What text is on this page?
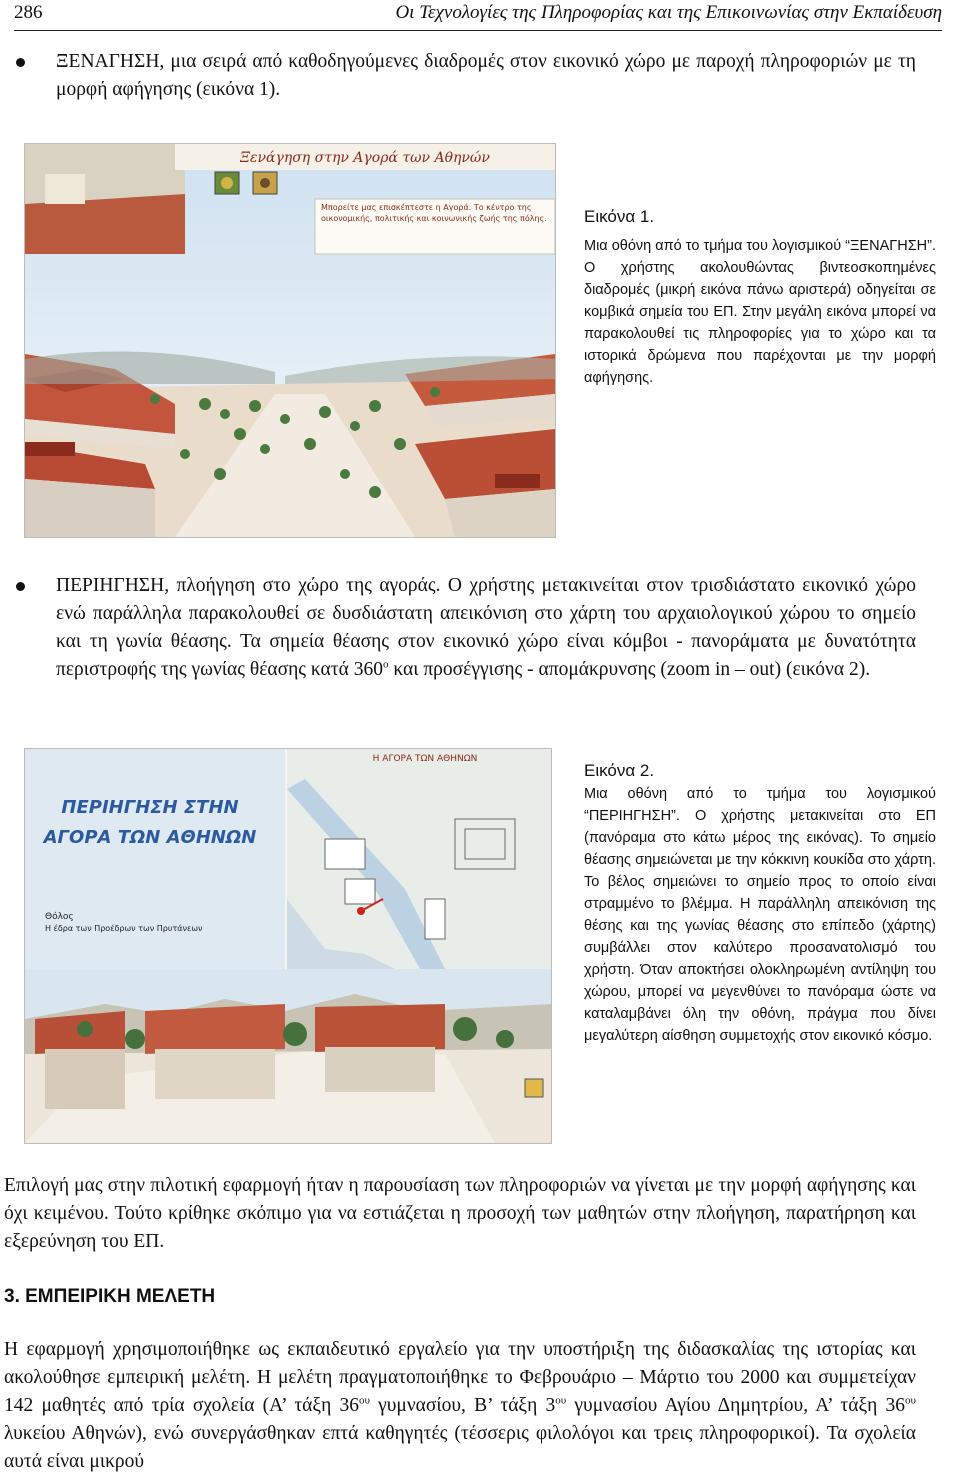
286	Οι Τεχνολογίες της Πληροφορίας και της Επικοινωνίας στην Εκπαίδευση
ΞΕΝΑΓΗΣΗ, μια σειρά από καθοδηγούμενες διαδρομές στον εικονικό χώρο με παροχή πληροφοριών με τη μορφή αφήγησης (εικόνα 1).
Ξενάγηση στην Αγορά των Αθηνών
Μπορείτε μας επισκέπτεστε η Αγορά. Το κέντρο της οικονομικής, πολιτικής και κοινωνικής ζωής της πόλης. Εικόνα 1.
Μια οθόνη από το τμήμα του λογισμικού “ΞΕΝΑΓΗΣΗ”. Ο χρήστης ακολουθώντας βιντεοσκοπημένες διαδρομές (μικρή εικόνα πάνω αριστερά) οδηγείται σε κομβικά σημεία του ΕΠ. Στην μεγάλη εικόνα μπορεί να παρακολουθεί τις πληροφορίες για το χώρο και τα ιστορικά δρώμενα που παρέχονται με την μορφή αφήγησης.
ΠΕΡΙΗΓΗΣΗ, πλοήγηση στο χώρο της αγοράς. Ο χρήστης μετακινείται στον τρισδιάστατο εικονικό χώρο ενώ παράλληλα παρακολουθεί σε δυσδιάστατη απεικόνιση στο χάρτη του αρχαιολογικού χώρου το σημείο και τη γωνία θέασης. Τα σημεία θέασης στον εικονικό χώρο είναι κόμβοι - πανοράματα με δυνατότητα περιστροφής της γωνίας θέασης κατά $360^o$ και προσέγγισης - απομάκρυνσης (zoom in – out) (εικόνα 2).
ΠΕΡΙΗΓΗΣΗ ΣΤΗΝ
ΑΓΟΡΑ ΤΩΝ ΑΘΗΝΩΝ
Θόλος
Η έδρα των Προέδρων των Πρυτάνεων
Η ΑΓΟΡΑ ΤΩΝ ΑΘΗΝΩΝ
Εικόνα 2.
Μια οθόνη από το τμήμα του λογισμικού “ΠΕΡΙΗΓΗΣΗ”. Ο χρήστης μετακινείται στο ΕΠ (πανόραμα στο κάτω μέρος της εικόνας). Το σημείο θέασης σημειώνεται με την κόκκινη κουκίδα στο χάρτη. Το βέλος σημειώνει το σημείο προς το οποίο είναι στραμμένο το βλέμμα. Η παράλληλη απεικόνιση της θέσης και της γωνίας θέασης στο επίπεδο (χάρτης) συμβάλλει στον καλύτερο προσανατολισμό του χρήστη. Όταν αποκτήσει ολοκληρωμένη αντίληψη του χώρου, μπορεί να μεγενθύνει το πανόραμα ώστε να καταλαμβάνει όλη την οθόνη, πράγμα που δίνει μεγαλύτερη αίσθηση συμμετοχής στον εικονικό κόσμο.
Επιλογή μας στην πιλοτική εφαρμογή ήταν η παρουσίαση των πληροφοριών να γίνεται με την μορφή αφήγησης και όχι κειμένου. Τούτο κρίθηκε σκόπιμο για να εστιάζεται η προσοχή των μαθητών στην πλοήγηση, παρατήρηση και εξερεύνηση του ΕΠ.
3. ΕΜΠΕΙΡΙΚΗ ΜΕΛΕΤΗ
Η εφαρμογή χρησιμοποιήθηκε ως εκπαιδευτικό εργαλείο για την υποστήριξη της διδασκαλίας της ιστορίας και ακολούθησε εμπειρική μελέτη. Η μελέτη πραγματοποιήθηκε το Φεβρουάριο – Μάρτιο του 2000 και συμμετείχαν 142 μαθητές από τρία σχολεία (Α’ τάξη $36^{o\upsilon}$ γυμνασίου, Β’ τάξη $3^{o\upsilon}$ γυμνασίου Αγίου Δημητρίου, Α’ τάξη $36^{o\upsilon}$ λυκείου Αθηνών), ενώ συνεργάσθηκαν επτά καθηγητές (τέσσερις φιλολόγοι και τρεις πληροφορικοί). Τα σχολεία αυτά είναι μικρού
